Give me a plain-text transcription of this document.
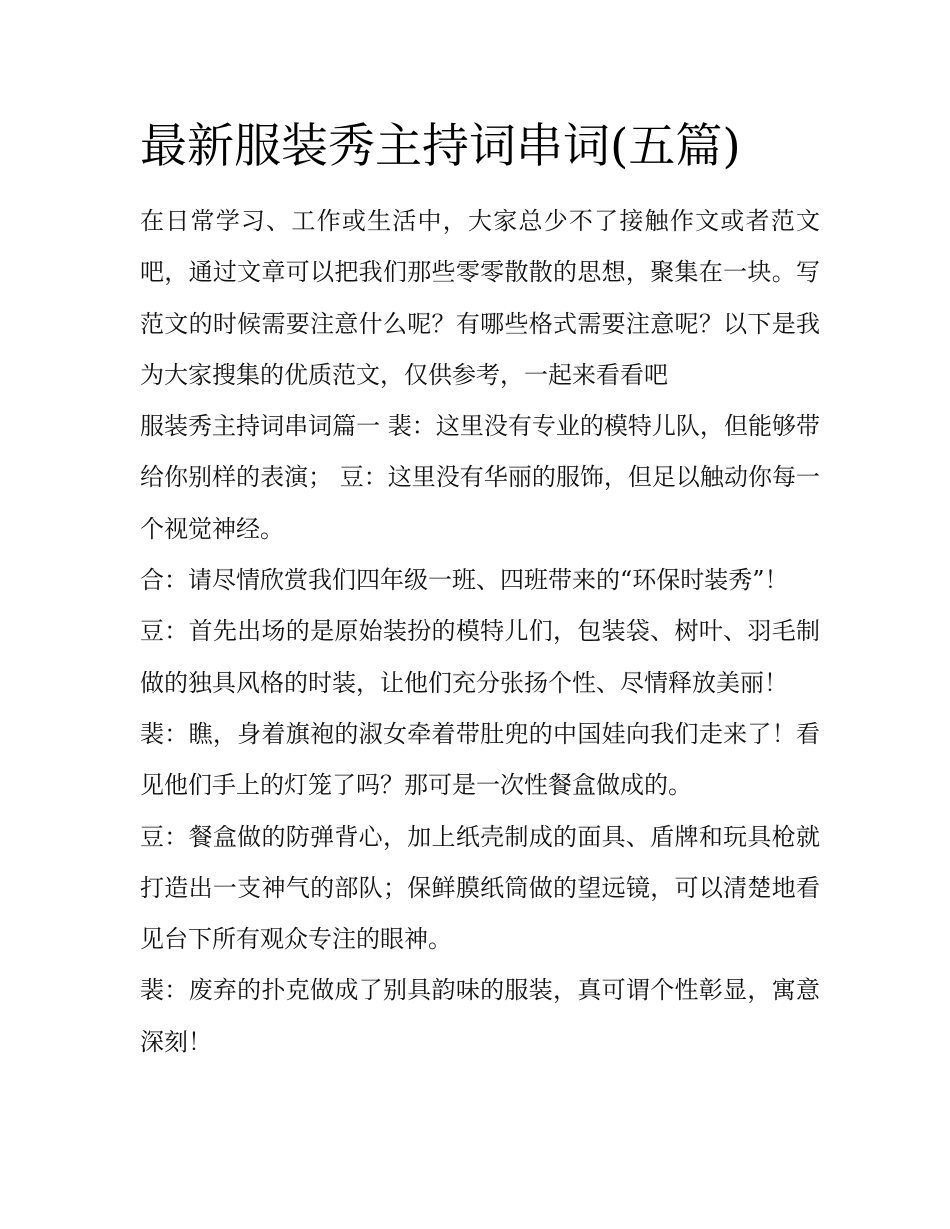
最新服装秀主持词串词(五篇)

在日常学习、工作或生活中，大家总少不了接触作文或者范文吧，通过文章可以把我们那些零零散散的思想，聚集在一块。写范文的时候需要注意什么呢？有哪些格式需要注意呢？以下是我为大家搜集的优质范文，仅供参考，一起来看看吧

服装秀主持词串词篇一 裴：这里没有专业的模特儿队，但能够带给你别样的表演； 豆：这里没有华丽的服饰，但足以触动你每一个视觉神经。

合：请尽情欣赏我们四年级一班、四班带来的“环保时装秀”！

豆：首先出场的是原始装扮的模特儿们，包装袋、树叶、羽毛制做的独具风格的时装，让他们充分张扬个性、尽情释放美丽！

裴：瞧，身着旗袍的淑女牵着带肚兜的中国娃向我们走来了！看见他们手上的灯笼了吗？那可是一次性餐盒做成的。

豆：餐盒做的防弹背心，加上纸壳制成的面具、盾牌和玩具枪就打造出一支神气的部队；保鲜膜纸筒做的望远镜，可以清楚地看见台下所有观众专注的眼神。

裴：废弃的扑克做成了别具韵味的服装，真可谓个性彰显，寓意深刻！
